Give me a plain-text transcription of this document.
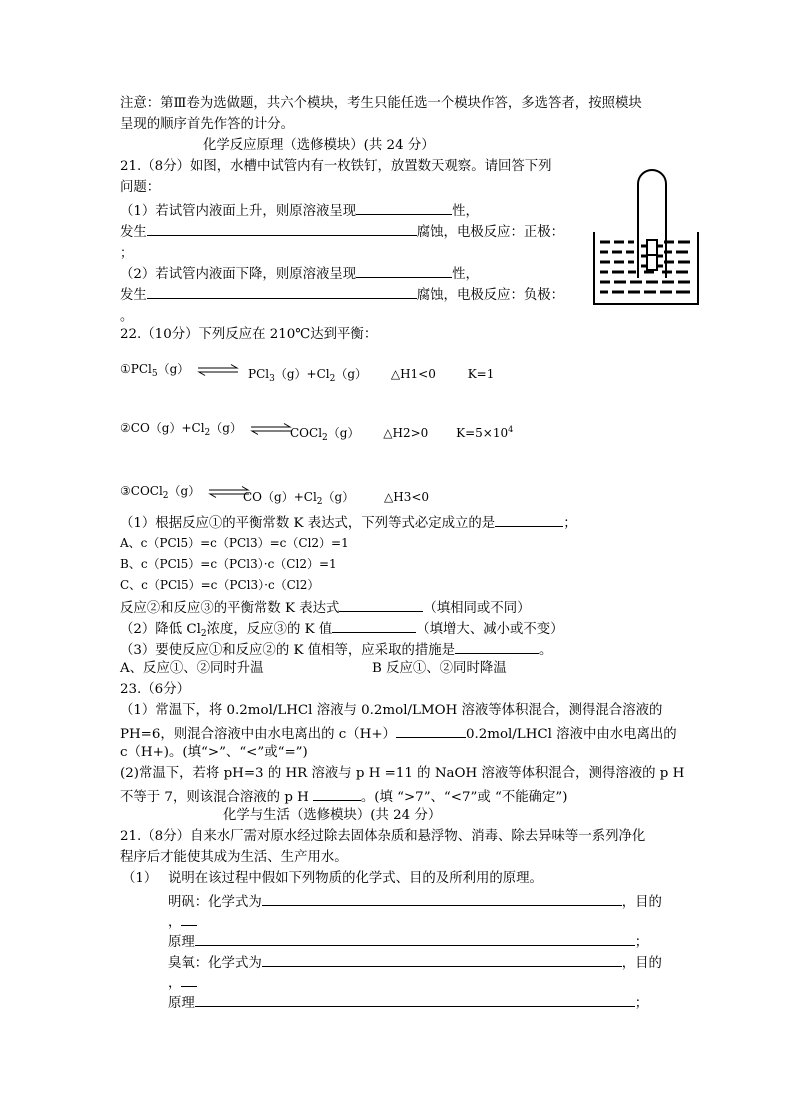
注意：第Ⅲ卷为选做题，共六个模块，考生只能任选一个模块作答，多选答者，按照模块
呈现的顺序首先作答的计分。
化学反应原理（选修模块）(共 24 分）
21.（8分）如图，水槽中试管内有一枚铁钉，放置数天观察。请回答下列
问题：
（1）若试管内液面上升，则原溶液呈现	性，
发生	腐蚀，电极反应：正极：
；
（2）若试管内液面下降，则原溶液呈现	性，
发生	腐蚀，电极反应：负极：
。
22.（10分）下列反应在 210℃达到平衡：
①PCl$_5$（g） ⇌ $PCl_3(g)+Cl_2(g)$ △H1<0	K=1
$②CO(g)+Cl_2(g)$ ⇌
COCl$_2$（g） △H2>0 $K=5\times 10^4$
③COCl$_2$（g） ⇌
$CO(g)+Cl_2(g)$ △H3<0
（1）根据反应①的平衡常数 K 表达式，下列等式必定成立的是	；
A、c（PCl5）=c（PCl3）=c（Cl2）=1
B、c（PCl5）=c（PCl3）·c（Cl2）=1
C、c（PCl5）=c（PCl3）·c（Cl2）
反应②和反应③的平衡常数 K 表达式	（填相同或不同）
（2）降低 $Cl_2$浓度，反应③的 K 值	（填增大、减小或不变）
（3）要使反应①和反应②的 K 值相等，应采取的措施是	。
A、反应①、②同时升温	B 反应①、②同时降温
23.（6分）
（1）常温下，将 0.2mol/LHCl 溶液与 0.2mol/LMOH 溶液等体积混合，测得混合溶液的
PH=6，则混合溶液中由水电离出的 c（H+）	0.2mol/LHCl 溶液中由水电离出的
c（H+)。(填“>”、“<”或“=”)
(2)常温下，若将 pH=3 的 HR 溶液与 p H =11 的 NaOH 溶液等体积混合，测得溶液的 p H
不等于 7，则该混合溶液的 p H	。(填 “>7”、“<7”或 “不能确定”)
化学与生活（选修模块）(共 24 分）
21.（8分）自来水厂需对原水经过除去固体杂质和悬浮物、消毒、除去异味等一系列净化
程序后才能使其成为生活、生产用水。
（1） 说明在该过程中假如下列物质的化学式、目的及所利用的原理。
明矾：化学式为	，目的
，
原理	；
臭氧：化学式为	，目的
，
原理	；
